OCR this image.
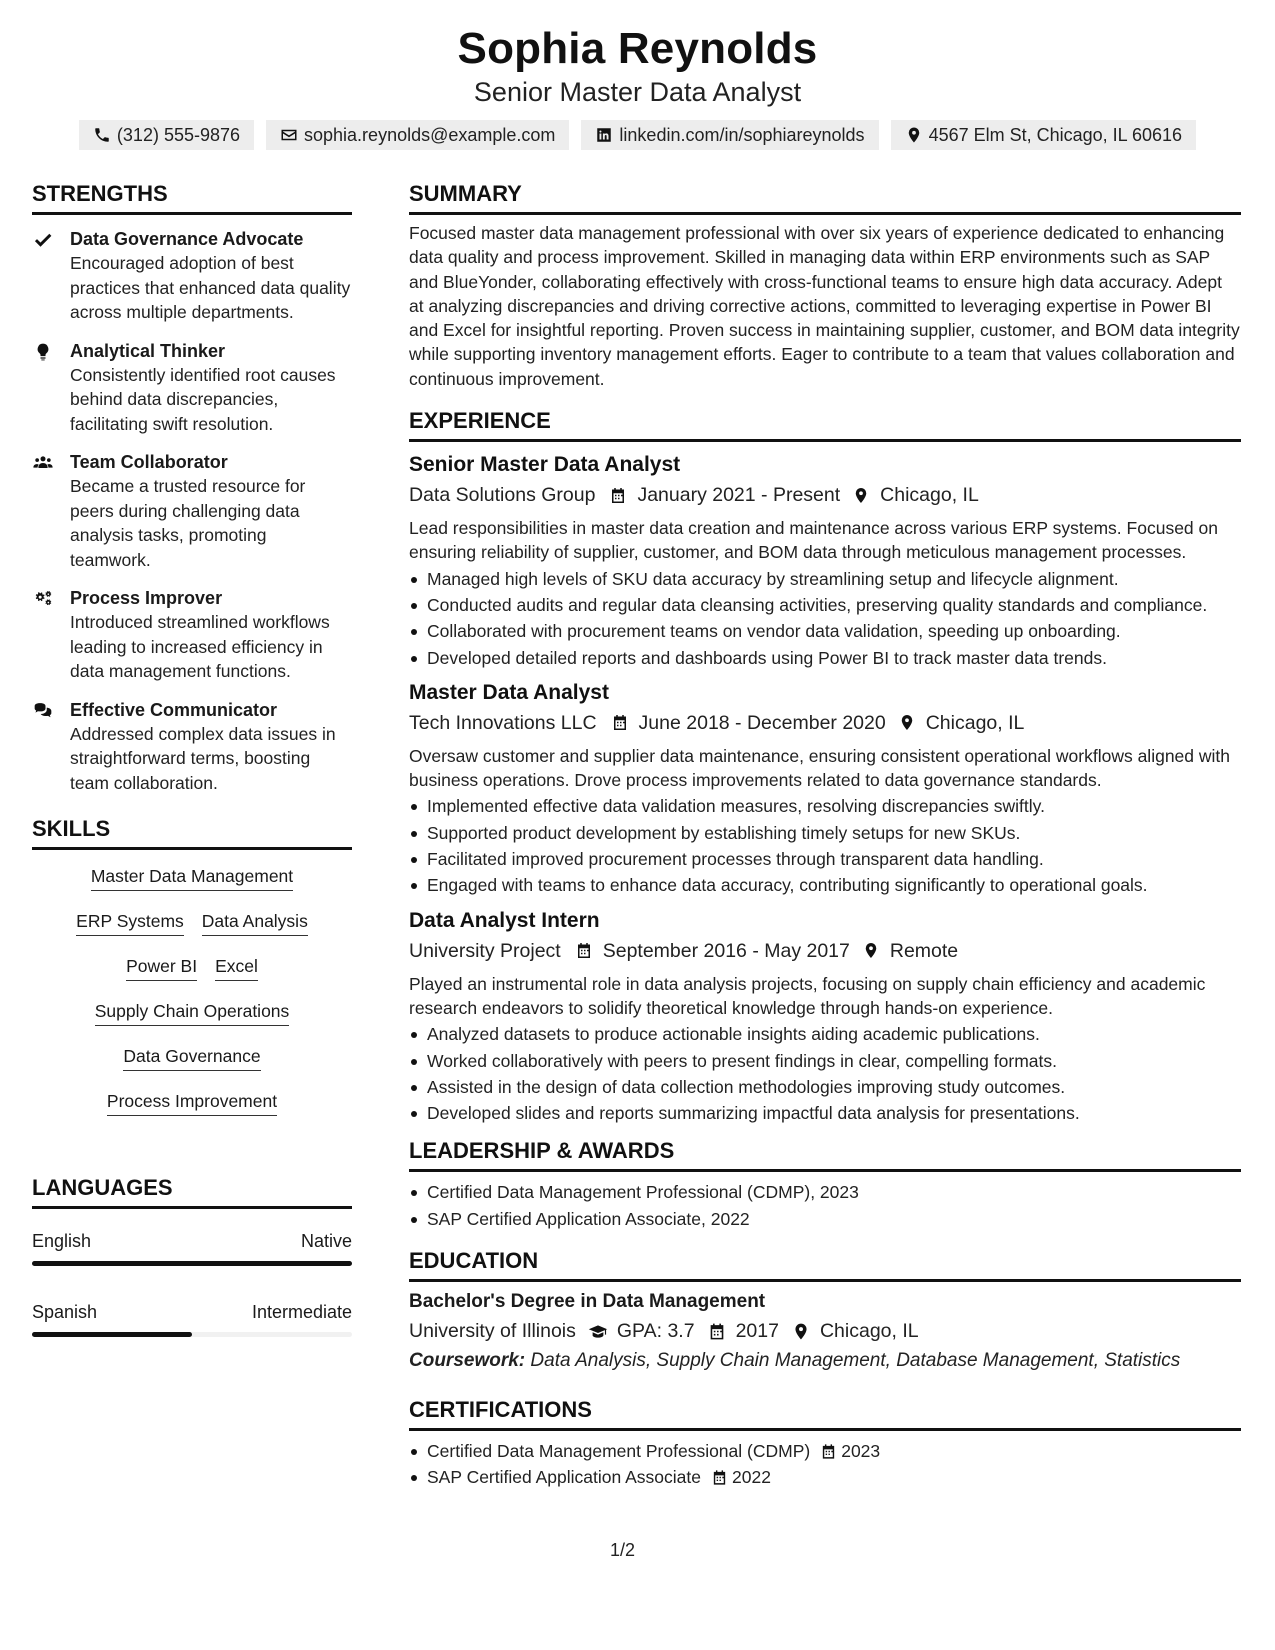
Sophia Reynolds
Senior Master Data Analyst
(312) 555-9876	sophia.reynolds@example.com	linkedin.com/in/sophiareynolds	4567 Elm St, Chicago, IL 60616
STRENGTHS
Data Governance Advocate
Encouraged adoption of best practices that enhanced data quality across multiple departments.
Analytical Thinker
Consistently identified root causes behind data discrepancies, facilitating swift resolution.
Team Collaborator
Became a trusted resource for peers during challenging data analysis tasks, promoting teamwork.
Process Improver
Introduced streamlined workflows leading to increased efficiency in data management functions.
Effective Communicator
Addressed complex data issues in straightforward terms, boosting team collaboration.
SKILLS
Master Data Management
ERP Systems Data Analysis
Power BI Excel
Supply Chain Operations
Data Governance
Process Improvement
LANGUAGES
English	Native
Spanish	Intermediate
SUMMARY
Focused master data management professional with over six years of experience dedicated to enhancing data quality and process improvement. Skilled in managing data within ERP environments such as SAP and BlueYonder, collaborating effectively with cross-functional teams to ensure high data accuracy. Adept at analyzing discrepancies and driving corrective actions, committed to leveraging expertise in Power BI and Excel for insightful reporting. Proven success in maintaining supplier, customer, and BOM data integrity while supporting inventory management efforts. Eager to contribute to a team that values collaboration and continuous improvement.
EXPERIENCE
Senior Master Data Analyst
Data Solutions Group January 2021 - Present Chicago, IL
Lead responsibilities in master data creation and maintenance across various ERP systems. Focused on ensuring reliability of supplier, customer, and BOM data through meticulous management processes.
Managed high levels of SKU data accuracy by streamlining setup and lifecycle alignment.
Conducted audits and regular data cleansing activities, preserving quality standards and compliance.
Collaborated with procurement teams on vendor data validation, speeding up onboarding.
Developed detailed reports and dashboards using Power BI to track master data trends.
Master Data Analyst
Tech Innovations LLC June 2018 - December 2020 Chicago, IL
Oversaw customer and supplier data maintenance, ensuring consistent operational workflows aligned with business operations. Drove process improvements related to data governance standards.
Implemented effective data validation measures, resolving discrepancies swiftly.
Supported product development by establishing timely setups for new SKUs.
Facilitated improved procurement processes through transparent data handling.
Engaged with teams to enhance data accuracy, contributing significantly to operational goals.
Data Analyst Intern
University Project September 2016 - May 2017 Remote
Played an instrumental role in data analysis projects, focusing on supply chain efficiency and academic research endeavors to solidify theoretical knowledge through hands-on experience.
Analyzed datasets to produce actionable insights aiding academic publications.
Worked collaboratively with peers to present findings in clear, compelling formats.
Assisted in the design of data collection methodologies improving study outcomes.
Developed slides and reports summarizing impactful data analysis for presentations.
LEADERSHIP & AWARDS
Certified Data Management Professional (CDMP), 2023
SAP Certified Application Associate, 2022
EDUCATION
Bachelor's Degree in Data Management
University of Illinois GPA: 3.7 2017 Chicago, IL
Coursework: Data Analysis, Supply Chain Management, Database Management, Statistics
CERTIFICATIONS
Certified Data Management Professional (CDMP) 2023
SAP Certified Application Associate 2022
1/2
